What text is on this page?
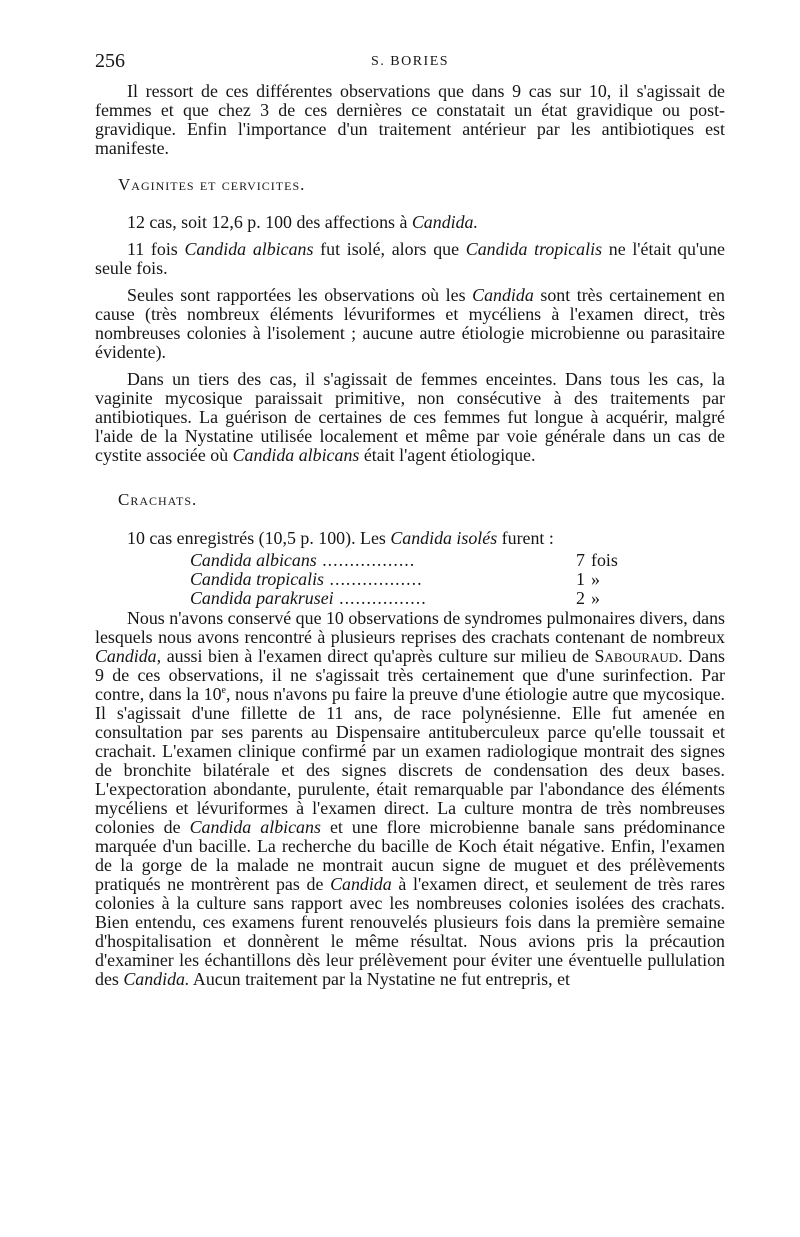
256	S. BORIES

Il ressort de ces différentes observations que dans 9 cas sur 10, il s'agissait de femmes et que chez 3 de ces dernières ce constatait un état gravidique ou post-gravidique. Enfin l'importance d'un traitement antérieur par les antibiotiques est manifeste.

Vaginites et cervicites.

12 cas, soit 12,6 p. 100 des affections à Candida.

11 fois Candida albicans fut isolé, alors que Candida tropicalis ne l'était qu'une seule fois.

Seules sont rapportées les observations où les Candida sont très certainement en cause (très nombreux éléments lévuriformes et mycéliens à l'examen direct, très nombreuses colonies à l'isolement ; aucune autre étiologie microbienne ou parasitaire évidente).

Dans un tiers des cas, il s'agissait de femmes enceintes. Dans tous les cas, la vaginite mycosique paraissait primitive, non consécutive à des traitements par antibiotiques. La guérison de certaines de ces femmes fut longue à acquérir, malgré l'aide de la Nystatine utilisée localement et même par voie générale dans un cas de cystite associée où Candida albicans était l'agent étiologique.

Crachats.

10 cas enregistrés (10,5 p. 100). Les Candida isolés furent :

Candida albicans .................	7 fois
Candida tropicalis .................	1 »
Candida parakrusei ................	2 »

Nous n'avons conservé que 10 observations de syndromes pulmonaires divers, dans lesquels nous avons rencontré à plusieurs reprises des crachats contenant de nombreux Candida, aussi bien à l'examen direct qu'après culture sur milieu de Sabouraud. Dans 9 de ces observations, il ne s'agissait très certainement que d'une surinfection. Par contre, dans la 10e, nous n'avons pu faire la preuve d'une étiologie autre que mycosique. Il s'agissait d'une fillette de 11 ans, de race polynésienne. Elle fut amenée en consultation par ses parents au Dispensaire antituberculeux parce qu'elle toussait et crachait. L'examen clinique confirmé par un examen radiologique montrait des signes de bronchite bilatérale et des signes discrets de condensation des deux bases. L'expectoration abondante, purulente, était remarquable par l'abondance des éléments mycéliens et lévuriformes à l'examen direct. La culture montra de très nombreuses colonies de Candida albicans et une flore microbienne banale sans prédominance marquée d'un bacille. La recherche du bacille de Koch était négative. Enfin, l'examen de la gorge de la malade ne montrait aucun signe de muguet et des prélèvements pratiqués ne montrèrent pas de Candida à l'examen direct, et seulement de très rares colonies à la culture sans rapport avec les nombreuses colonies isolées des crachats. Bien entendu, ces examens furent renouvelés plusieurs fois dans la première semaine d'hospitalisation et donnèrent le même résultat. Nous avions pris la précaution d'examiner les échantillons dès leur prélèvement pour éviter une éventuelle pullulation des Candida. Aucun traitement par la Nystatine ne fut entrepris, et
